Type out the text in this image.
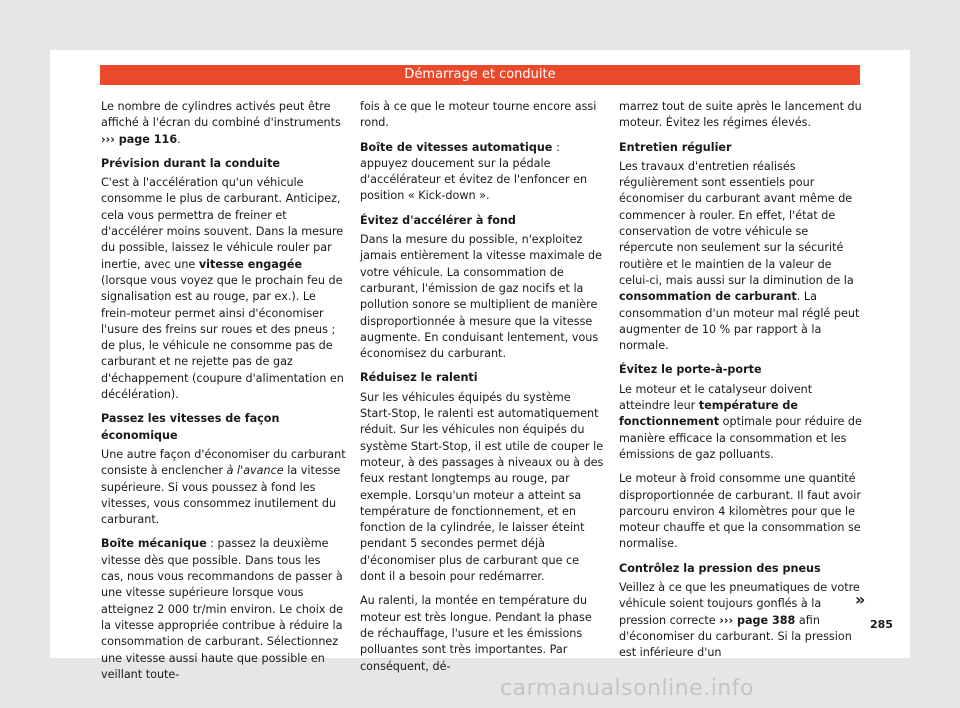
Démarrage et conduite

Le nombre de cylindres activés peut être affiché à l'écran du combiné d'instruments ››› page 116.

Prévision durant la conduite

C'est à l'accélération qu'un véhicule consomme le plus de carburant. Anticipez, cela vous permettra de freiner et d'accélérer moins souvent. Dans la mesure du possible, laissez le véhicule rouler par inertie, avec une vitesse engagée (lorsque vous voyez que le prochain feu de signalisation est au rouge, par ex.). Le frein-moteur permet ainsi d'économiser l'usure des freins sur roues et des pneus ; de plus, le véhicule ne consomme pas de carburant et ne rejette pas de gaz d'échappement (coupure d'alimentation en décélération).

Passez les vitesses de façon économique

Une autre façon d'économiser du carburant consiste à enclencher à l'avance la vitesse supérieure. Si vous poussez à fond les vitesses, vous consommez inutilement du carburant.

Boîte mécanique : passez la deuxième vitesse dès que possible. Dans tous les cas, nous vous recommandons de passer à une vitesse supérieure lorsque vous atteignez 2 000 tr/min environ. Le choix de la vitesse appropriée contribue à réduire la consommation de carburant. Sélectionnez une vitesse aussi haute que possible en veillant toute-

fois à ce que le moteur tourne encore assi rond.

Boîte de vitesses automatique : appuyez doucement sur la pédale d'accélérateur et évitez de l'enfoncer en position « Kick-down ».

Évitez d'accélérer à fond

Dans la mesure du possible, n'exploitez jamais entièrement la vitesse maximale de votre véhicule. La consommation de carburant, l'émission de gaz nocifs et la pollution sonore se multiplient de manière disproportionnée à mesure que la vitesse augmente. En conduisant lentement, vous économisez du carburant.

Réduisez le ralenti

Sur les véhicules équipés du système Start-Stop, le ralenti est automatiquement réduit. Sur les véhicules non équipés du système Start-Stop, il est utile de couper le moteur, à des passages à niveaux ou à des feux restant longtemps au rouge, par exemple. Lorsqu'un moteur a atteint sa température de fonctionnement, et en fonction de la cylindrée, le laisser éteint pendant 5 secondes permet déjà d'économiser plus de carburant que ce dont il a besoin pour redémarrer.

Au ralenti, la montée en température du moteur est très longue. Pendant la phase de réchauffage, l'usure et les émissions polluantes sont très importantes. Par conséquent, dé-

marrez tout de suite après le lancement du moteur. Évitez les régimes élevés.

Entretien régulier

Les travaux d'entretien réalisés régulièrement sont essentiels pour économiser du carburant avant même de commencer à rouler. En effet, l'état de conservation de votre véhicule se répercute non seulement sur la sécurité routière et le maintien de la valeur de celui-ci, mais aussi sur la diminution de la consommation de carburant. La consommation d'un moteur mal réglé peut augmenter de 10 % par rapport à la normale.

Évitez le porte-à-porte

Le moteur et le catalyseur doivent atteindre leur température de fonctionnement optimale pour réduire de manière efficace la consommation et les émissions de gaz polluants.

Le moteur à froid consomme une quantité disproportionnée de carburant. Il faut avoir parcouru environ 4 kilomètres pour que le moteur chauffe et que la consommation se normalise.

Contrôlez la pression des pneus

Veillez à ce que les pneumatiques de votre véhicule soient toujours gonflés à la pression correcte ››› page 388 afin d'économiser du carburant. Si la pression est inférieure d'un

»
285
carmanualsonline.info
